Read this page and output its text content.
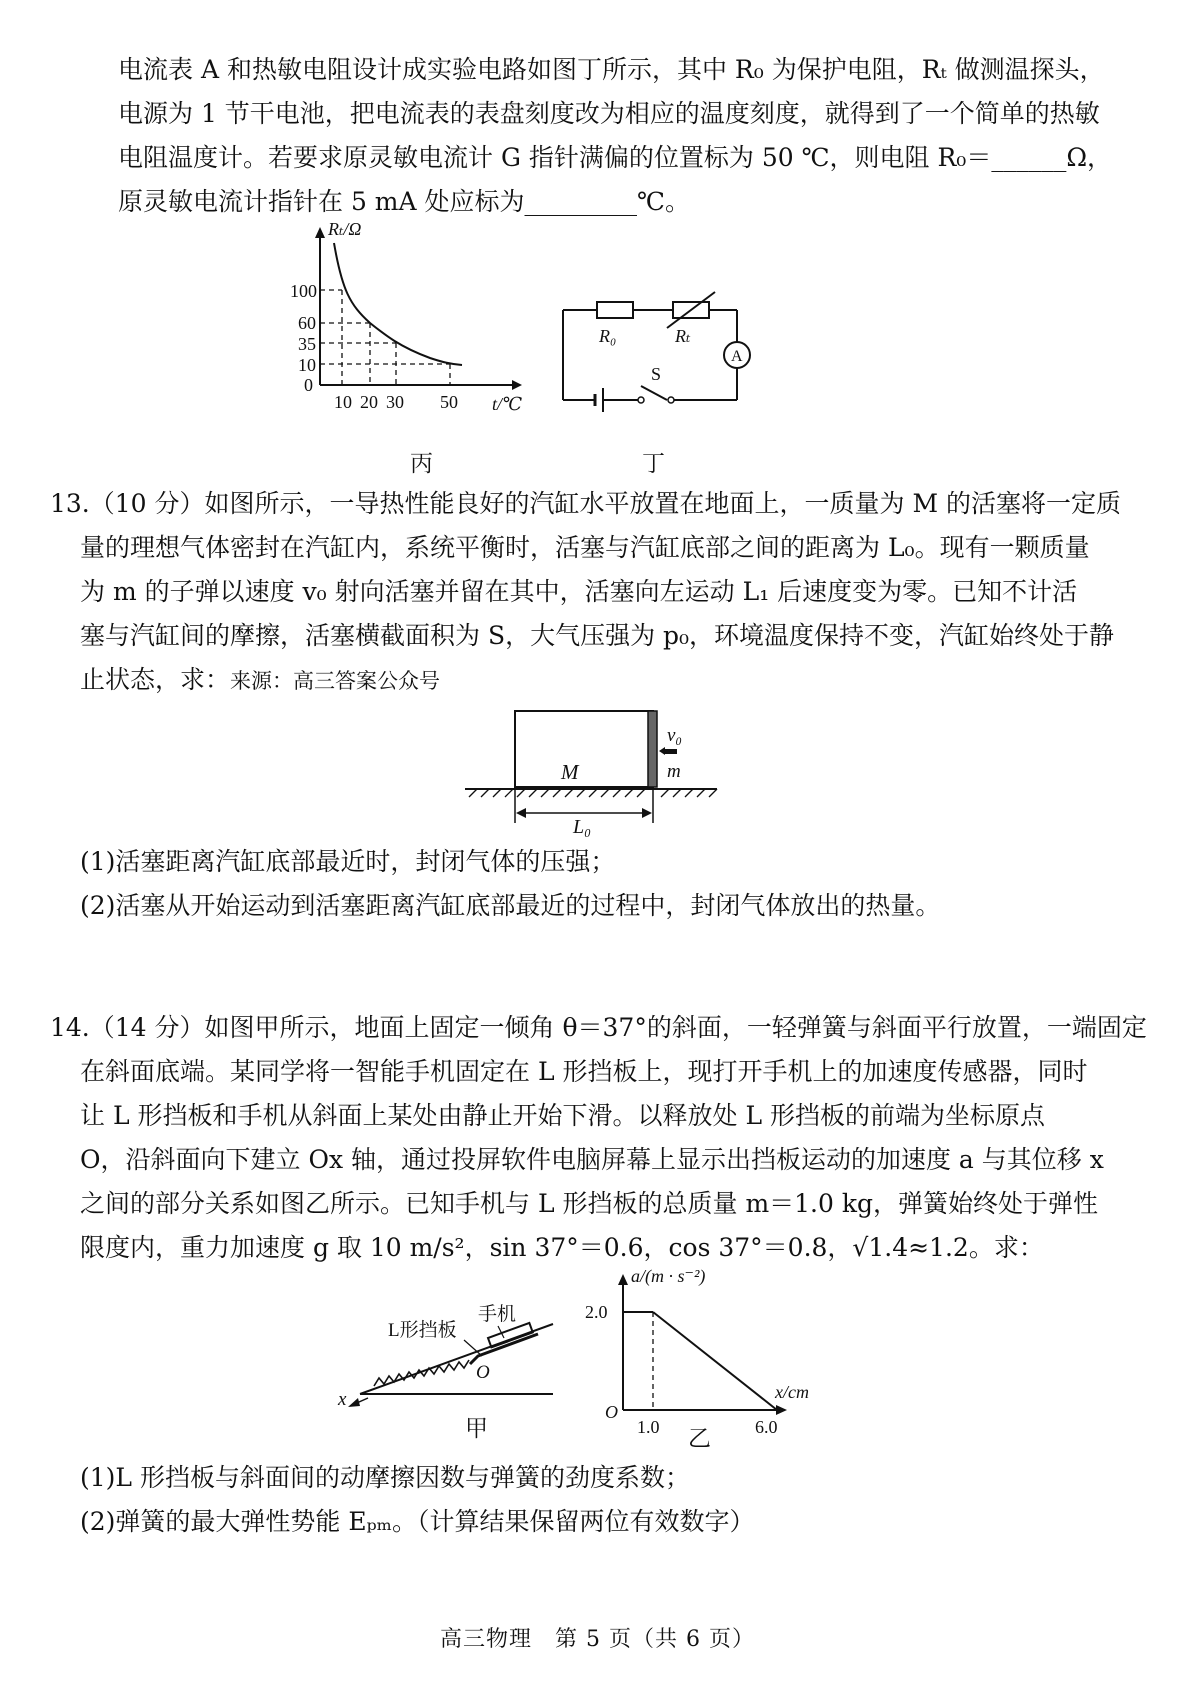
电流表 A 和热敏电阻设计成实验电路如图丁所示，其中 R₀ 为保护电阻，Rₜ 做测温探头，
电源为 1 节干电池，把电流表的表盘刻度改为相应的温度刻度，就得到了一个简单的热敏
电阻温度计。若要求原灵敏电流计 G 指针满偏的位置标为 50 ℃，则电阻 R₀＝______Ω，
原灵敏电流计指针在 5 mA 处应标为_________℃。
Rₜ/Ω
100
60
35
10
0
10 20 30 50 t/℃
丙
R₀	Rₜ
A
S
丁
13.（10 分）如图所示，一导热性能良好的汽缸水平放置在地面上，一质量为 M 的活塞将一定质
量的理想气体密封在汽缸内，系统平衡时，活塞与汽缸底部之间的距离为 L₀。现有一颗质量
为 m 的子弹以速度 v₀ 射向活塞并留在其中，活塞向左运动 L₁ 后速度变为零。已知不计活
塞与汽缸间的摩擦，活塞横截面积为 S，大气压强为 p₀，环境温度保持不变，汽缸始终处于静
止状态，求：来源：高三答案公众号
M
v₀
m
L₀
(1)活塞距离汽缸底部最近时，封闭气体的压强；
(2)活塞从开始运动到活塞距离汽缸底部最近的过程中，封闭气体放出的热量。
14.（14 分）如图甲所示，地面上固定一倾角 θ＝37°的斜面，一轻弹簧与斜面平行放置，一端固定
在斜面底端。某同学将一智能手机固定在 L 形挡板上，现打开手机上的加速度传感器，同时
让 L 形挡板和手机从斜面上某处由静止开始下滑。以释放处 L 形挡板的前端为坐标原点
O，沿斜面向下建立 Ox 轴，通过投屏软件电脑屏幕上显示出挡板运动的加速度 a 与其位移 x
之间的部分关系如图乙所示。已知手机与 L 形挡板的总质量 m＝1.0 kg，弹簧始终处于弹性
限度内，重力加速度 g 取 10 m/s²，sin 37°＝0.6，cos 37°＝0.8，√1.4≈1.2。求：
L形挡板
手机
O
x
甲
a/(m · s⁻²)
2.0
O
1.0	6.0
x/cm
乙
(1)L 形挡板与斜面间的动摩擦因数与弹簧的劲度系数；
(2)弹簧的最大弹性势能 Eₚₘ。（计算结果保留两位有效数字）
高三物理　第 5 页（共 6 页）
